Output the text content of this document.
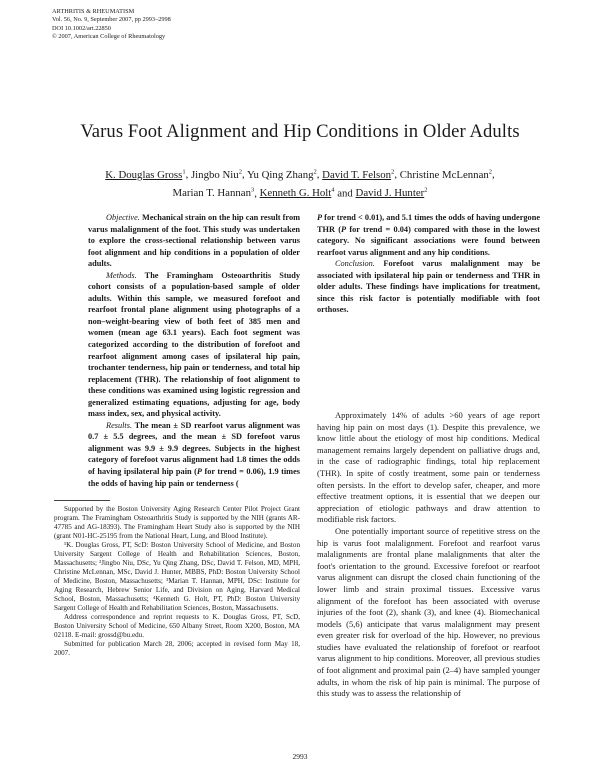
ARTHRITIS & RHEUMATISM
Vol. 56, No. 9, September 2007, pp 2993–2998
DOI 10.1002/art.22850
© 2007, American College of Rheumatology
Varus Foot Alignment and Hip Conditions in Older Adults
K. Douglas Gross$^1$, Jingbo Niu$^2$, Yu Qing Zhang$^2$, David T. Felson$^2$, Christine McLennan$^2$,
Marian T. Hannan$^3$, Kenneth G. Holt$^4$ and David J. Hunter$^2$

Objective. Mechanical strain on the hip can result from varus malalignment of the foot. This study was undertaken to explore the cross-sectional relationship between varus foot alignment and hip conditions in a population of older adults.

Methods. The Framingham Osteoarthritis Study cohort consists of a population-based sample of older adults. Within this sample, we measured forefoot and rearfoot frontal plane alignment using photographs of a non–weight-bearing view of both feet of 385 men and women (mean age 63.1 years). Each foot segment was categorized according to the distribution of forefoot and rearfoot alignment among cases of ipsilateral hip pain, trochanter tenderness, hip pain or tenderness, and total hip replacement (THR). The relationship of foot alignment to these conditions was examined using logistic regression and generalized estimating equations, adjusting for age, body mass index, sex, and physical activity.

Results. The mean ± SD rearfoot varus alignment was 0.7 ± 5.5 degrees, and the mean ± SD forefoot varus alignment was 9.9 ± 9.9 degrees. Subjects in the highest category of forefoot varus alignment had 1.8 times the odds of having ipsilateral hip pain (P for trend = 0.06), 1.9 times the odds of having hip pain or tenderness (

P for trend < 0.01), and 5.1 times the odds of having undergone THR (P for trend = 0.04) compared with those in the lowest category. No significant associations were found between rearfoot varus alignment and any hip conditions.

Conclusion. Forefoot varus malalignment may be associated with ipsilateral hip pain or tenderness and THR in older adults. These findings have implications for treatment, since this risk factor is potentially modifiable with foot orthoses.

Approximately 14% of adults >60 years of age report having hip pain on most days (1). Despite this prevalence, we know little about the etiology of most hip conditions. Medical management remains largely dependent on palliative drugs and, in the case of radiographic findings, total hip replacement (THR). In spite of costly treatment, some pain or tenderness often persists. In the effort to develop safer, cheaper, and more effective treatment options, it is essential that we deepen our appreciation of etiologic pathways and draw attention to modifiable risk factors.

One potentially important source of repetitive stress on the hip is varus foot malalignment. Forefoot and rearfoot varus malalignments are frontal plane malalignments that alter the foot's orientation to the ground. Excessive forefoot or rearfoot varus alignment can disrupt the closed chain functioning of the lower limb and strain proximal tissues. Excessive varus alignment of the forefoot has been associated with overuse injuries of the foot (2), shank (3), and knee (4). Biomechanical models (5,6) anticipate that varus malalignment may present even greater risk for overload of the hip. However, no previous studies have evaluated the relationship of forefoot or rearfoot varus alignment to hip conditions. Moreover, all previous studies of foot alignment and proximal pain (2–4) have sampled younger adults, in whom the risk of hip pain is minimal. The purpose of this study was to assess the relationship of

Supported by the Boston University Aging Research Center Pilot Project Grant program. The Framingham Osteoarthritis Study is supported by the NIH (grants AR-47785 and AG-18393). The Framingham Heart Study also is supported by the NIH (grant N01-HC-25195 from the National Heart, Lung, and Blood Institute).

¹K. Douglas Gross, PT, ScD: Boston University School of Medicine, and Boston University Sargent College of Health and Rehabilitation Sciences, Boston, Massachusetts; ²Jingbo Niu, DSc, Yu Qing Zhang, DSc, David T. Felson, MD, MPH, Christine McLennan, MSc, David J. Hunter, MBBS, PhD: Boston University School of Medicine, Boston, Massachusetts; ³Marian T. Hannan, MPH, DSc: Institute for Aging Research, Hebrew Senior Life, and Division on Aging, Harvard Medical School, Boston, Massachusetts; ⁴Kenneth G. Holt, PT, PhD: Boston University Sargent College of Health and Rehabilitation Sciences, Boston, Massachusetts.

Address correspondence and reprint requests to K. Douglas Gross, PT, ScD, Boston University School of Medicine, 650 Albany Street, Room X200, Boston, MA 02118. E-mail: grossd@bu.edu.

Submitted for publication March 28, 2006; accepted in revised form May 18, 2007.

2993
